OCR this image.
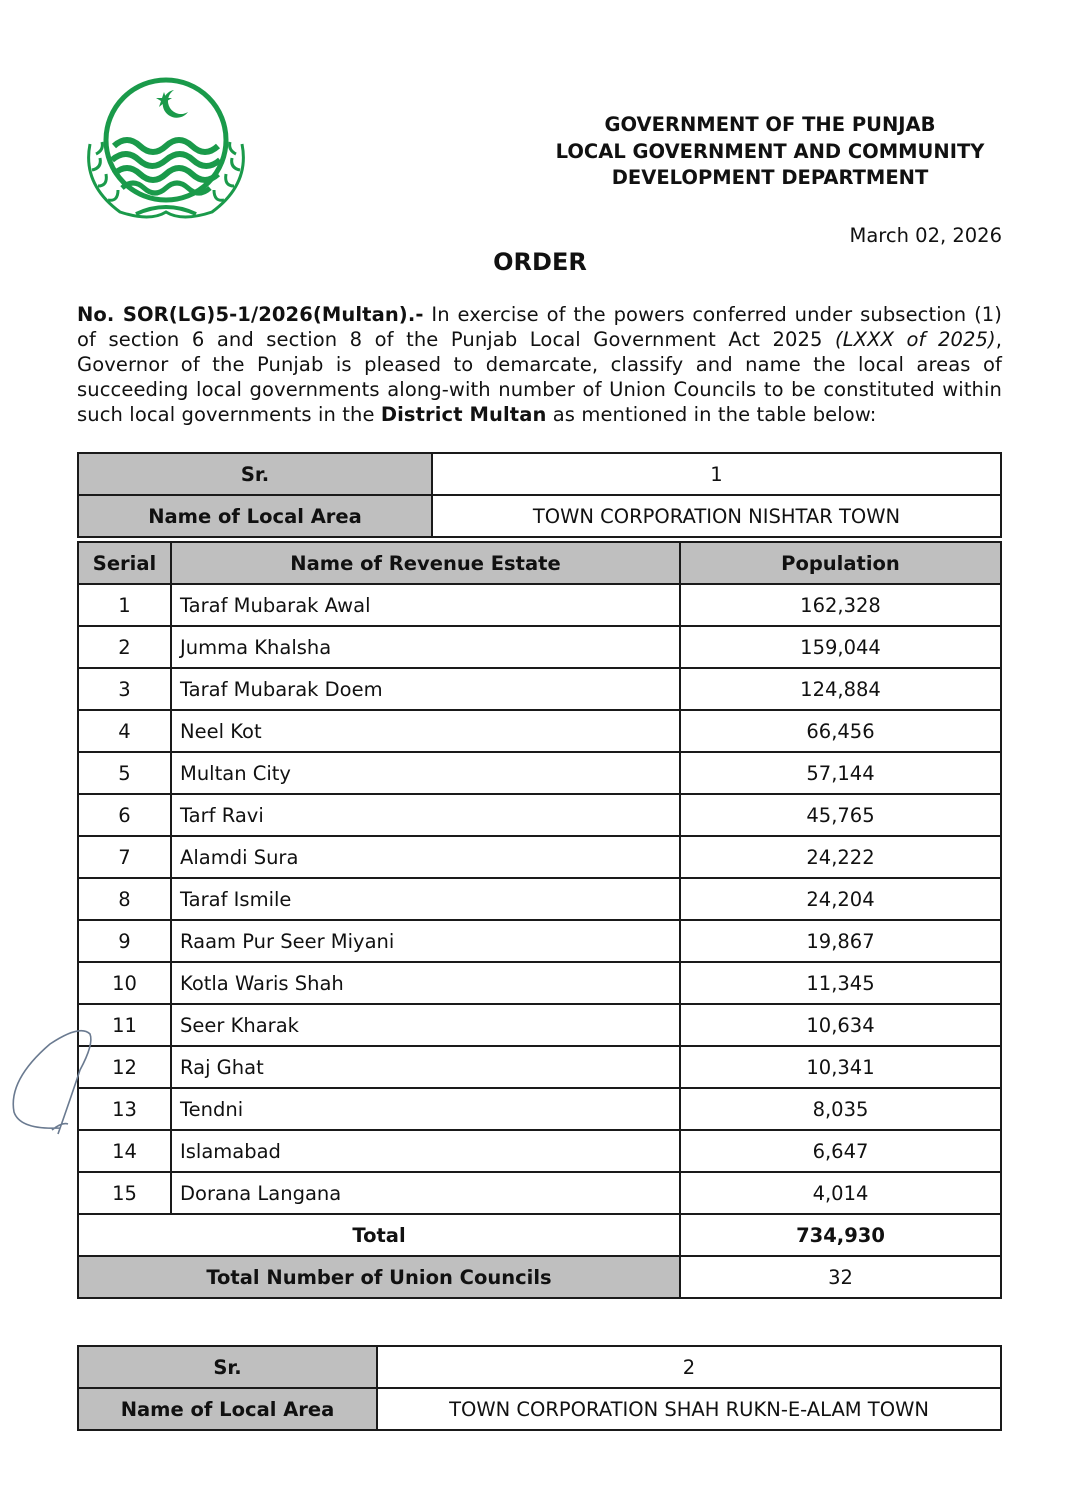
GOVERNMENT OF THE PUNJAB
LOCAL GOVERNMENT AND COMMUNITY
DEVELOPMENT DEPARTMENT
March 02, 2026
ORDER
No. SOR(LG)5-1/2026(Multan).- In exercise of the powers conferred under subsection (1) of section 6 and section 8 of the Punjab Local Government Act 2025 (LXXX of 2025), Governor of the Punjab is pleased to demarcate, classify and name the local areas of succeeding local governments along-with number of Union Councils to be constituted within such local governments in the District Multan as mentioned in the table below:
Sr.	1
Name of Local Area	TOWN CORPORATION NISHTAR TOWN
Serial	Name of Revenue Estate	Population
1	Taraf Mubarak Awal	162,328
2	Jumma Khalsha	159,044
3	Taraf Mubarak Doem	124,884
4	Neel Kot	66,456
5	Multan City	57,144
6	Tarf Ravi	45,765
7	Alamdi Sura	24,222
8	Taraf Ismile	24,204
9	Raam Pur Seer Miyani	19,867
10	Kotla Waris Shah	11,345
11	Seer Kharak	10,634
12	Raj Ghat	10,341
13	Tendni	8,035
14	Islamabad	6,647
15	Dorana Langana	4,014
Total		734,930
Total Number of Union Councils		32
Sr.	2
Name of Local Area	TOWN CORPORATION SHAH RUKN-E-ALAM TOWN
